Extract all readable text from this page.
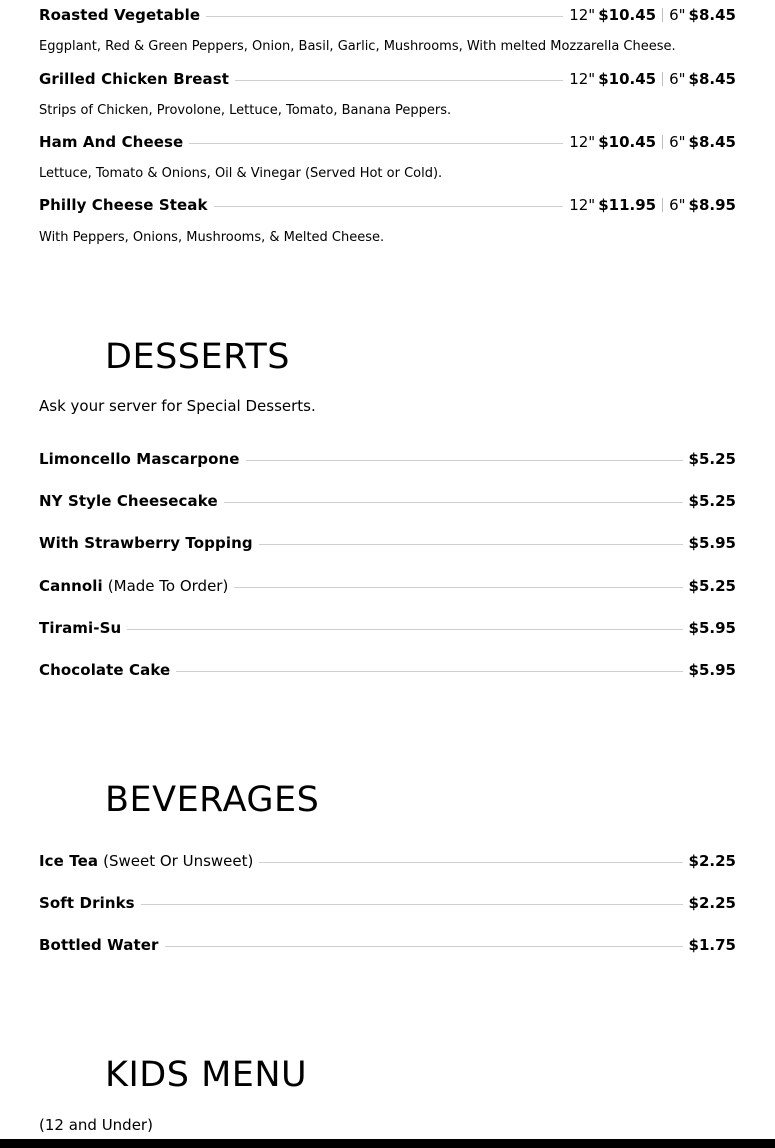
Roasted Vegetable	12" $10.45 6" $8.45
Eggplant, Red & Green Peppers, Onion, Basil, Garlic, Mushrooms, With melted Mozzarella Cheese.
Grilled Chicken Breast	12" $10.45 6" $8.45
Strips of Chicken, Provolone, Lettuce, Tomato, Banana Peppers.
Ham And Cheese	12" $10.45 6" $8.45
Lettuce, Tomato & Onions, Oil & Vinegar (Served Hot or Cold).
Philly Cheese Steak	12" $11.95 6" $8.95
With Peppers, Onions, Mushrooms, & Melted Cheese.
DESSERTS
Ask your server for Special Desserts.
Limoncello Mascarpone	$5.25
NY Style Cheesecake	$5.25
With Strawberry Topping	$5.95
Cannoli (Made To Order)	$5.25
Tirami-Su	$5.95
Chocolate Cake	$5.95
BEVERAGES
Ice Tea (Sweet Or Unsweet)	$2.25
Soft Drinks	$2.25
Bottled Water	$1.75
KIDS MENU
(12 and Under)
